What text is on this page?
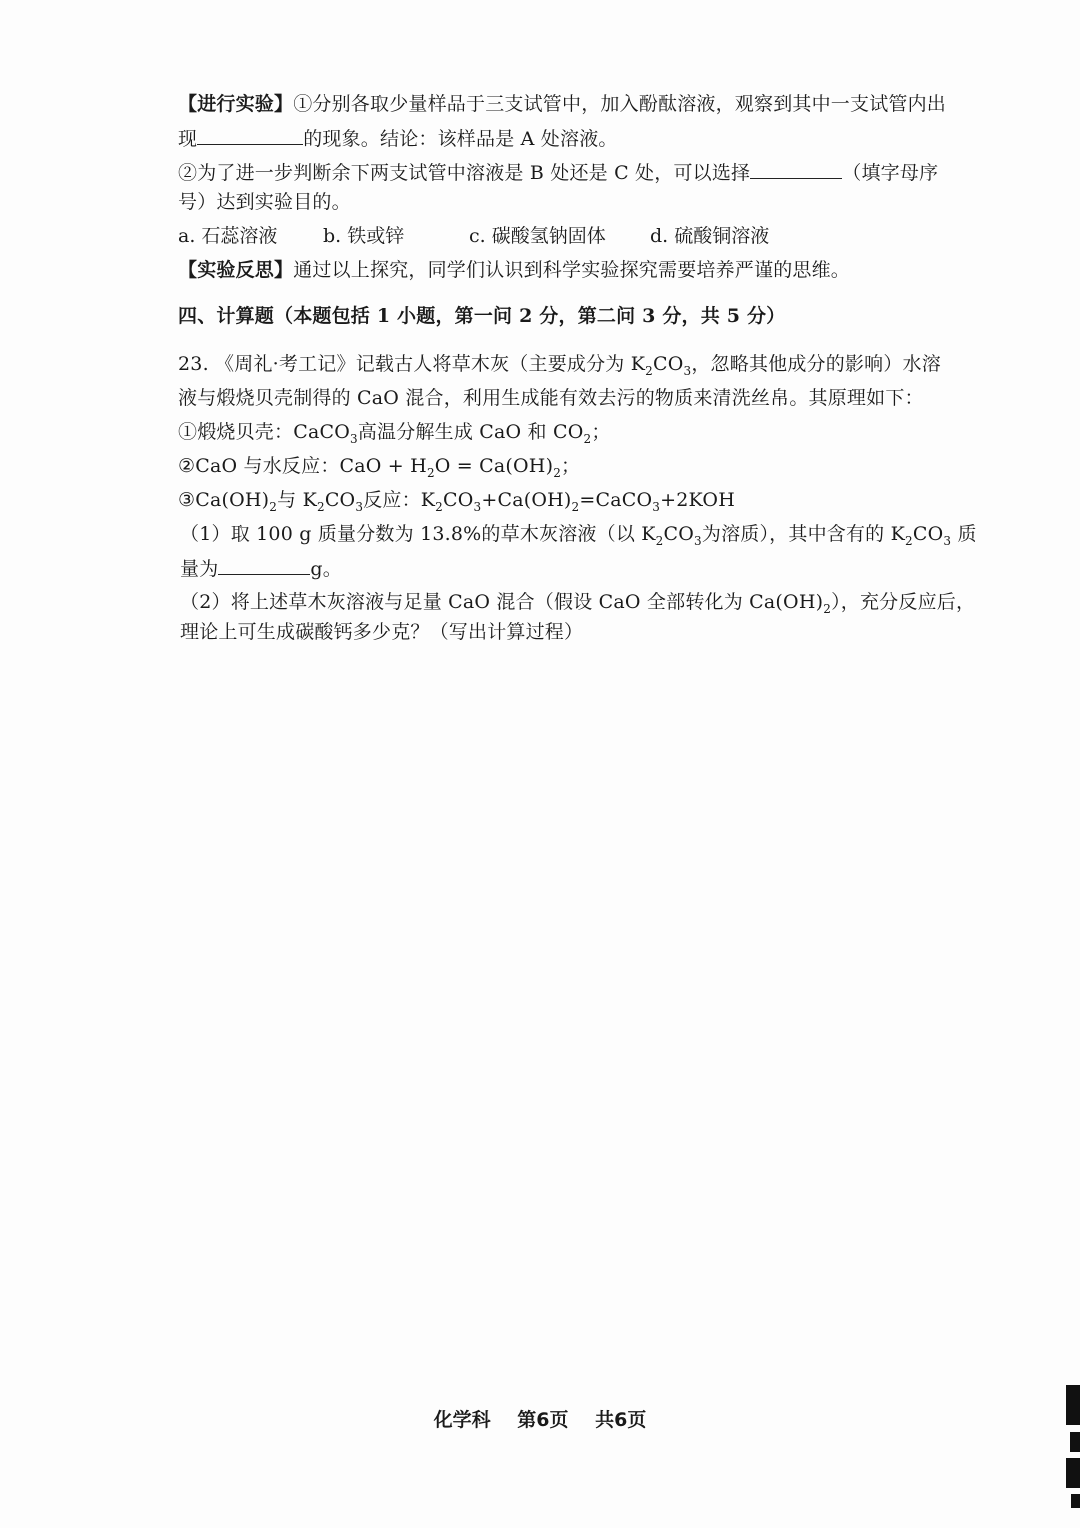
【进行实验】①分别各取少量样品于三支试管中，加入酚酞溶液，观察到其中一支试管内出
现	的现象。结论：该样品是 A 处溶液。
②为了进一步判断余下两支试管中溶液是 B 处还是 C 处，可以选择	（填字母序
号）达到实验目的。
a. 石蕊溶液 b. 铁或锌	c. 碳酸氢钠固体 d. 硫酸铜溶液
【实验反思】通过以上探究，同学们认识到科学实验探究需要培养严谨的思维。
四、计算题（本题包括 1 小题，第一问 2 分，第二问 3 分，共 5 分）
23. 《周礼·考工记》记载古人将草木灰（主要成分为 $K_2CO_3$，忽略其他成分的影响）水溶
液与煅烧贝壳制得的 CaO 混合，利用生成能有效去污的物质来清洗丝帛。其原理如下：
①煅烧贝壳：CaCO$_3$高温分解生成 CaO 和 $CO_2$；
②CaO 与水反应：CaO + $H_2O = Ca(OH)_2$；
$③Ca(OH)_2$与 $K_2CO_3$反应：$K_2CO_3+Ca(OH)_2=CaCO_3+2KOH$
（1）取 100 g 质量分数为 13.8%的草木灰溶液（以 $K_2CO_3$为溶质），其中含有的 $K_2CO_3$ 质
量为	g。
（2）将上述草木灰溶液与足量 CaO 混合（假设 CaO 全部转化为 $Ca(OH)_2$），充分反应后，
理论上可生成碳酸钙多少克？（写出计算过程）
化学科 第6页 共6页
